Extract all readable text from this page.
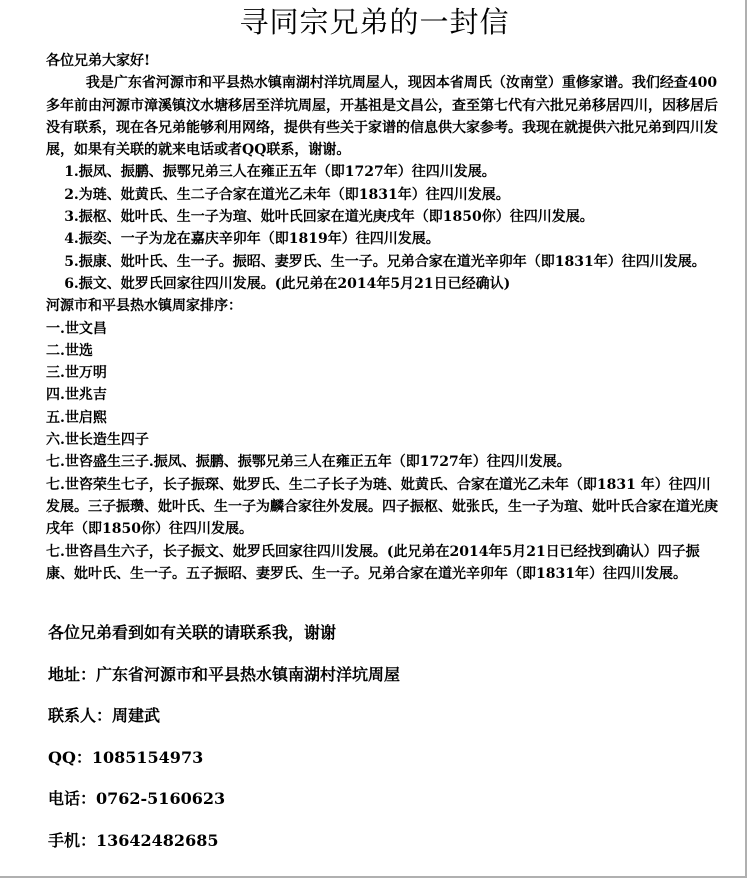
寻同宗兄弟的一封信

各位兄弟大家好!

我是广东省河源市和平县热水镇南湖村洋坑周屋人，现因本省周氏（汝南堂）重修家谱。我们经查400多年前由河源市漳溪镇汶水塘移居至洋坑周屋，开基祖是文昌公，查至第七代有六批兄弟移居四川，因移居后没有联系，现在各兄弟能够利用网络，提供有些关于家谱的信息供大家参考。我现在就提供六批兄弟到四川发展，如果有关联的就来电话或者QQ联系，谢谢。

1.振凤、振鹏、振鄂兄弟三人在雍正五年（即1727年）往四川发展。

2.为琏、妣黄氏、生二子合家在道光乙未年（即1831年）往四川发展。

3.振枢、妣叶氏、生一子为瑄、妣叶氏回家在道光庚戌年（即1850你）往四川发展。

4.振奕、一子为龙在嘉庆辛卯年（即1819年）往四川发展。

5.振康、妣叶氏、生一子。振昭、妻罗氏、生一子。兄弟合家在道光辛卯年（即1831年）往四川发展。

6.振文、妣罗氏回家往四川发展。(此兄弟在2014年5月21日已经确认)

河源市和平县热水镇周家排序：

一.世文昌

二.世选

三.世万明

四.世兆吉

五.世启熙

六.世长造生四子

七.世咨盛生三子.振凤、振鹏、振鄂兄弟三人在雍正五年（即1727年）往四川发展。

七.世咨荣生七子，长子振琛、妣罗氏、生二子长子为琏、妣黄氏、合家在道光乙未年（即1831 年）往四川发展。三子振瓒、妣叶氏、生一子为麟合家往外发展。四子振枢、妣张氏，生一子为瑄、妣叶氏合家在道光庚戌年（即1850你）往四川发展。

七.世咨昌生六子，长子振文、妣罗氏回家往四川发展。(此兄弟在2014年5月21日已经找到确认）四子振康、妣叶氏、生一子。五子振昭、妻罗氏、生一子。兄弟合家在道光辛卯年（即1831年）往四川发展。

各位兄弟看到如有关联的请联系我，谢谢

地址：广东省河源市和平县热水镇南湖村洋坑周屋

联系人：周建武

QQ：1085154973

电话：0762-5160623

手机：13642482685
